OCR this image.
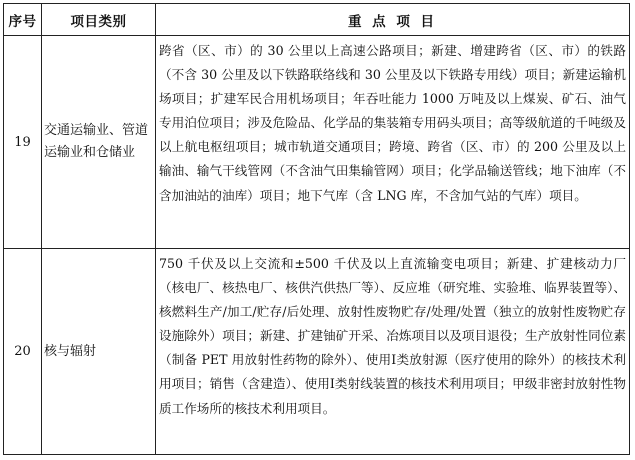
序号	项目类别	重 点 项 目
19	交通运输业、管道运输业和仓储业	跨省（区、市）的 30 公里以上高速公路项目；新建、增建跨省（区、市）的铁路（不含 30 公里及以下铁路联络线和 30 公里及以下铁路专用线）项目；新建运输机场项目；扩建军民合用机场项目；年吞吐能力 1000 万吨及以上煤炭、矿石、油气专用泊位项目；涉及危险品、化学品的集装箱专用码头项目；高等级航道的千吨级及以上航电枢纽项目；城市轨道交通项目；跨境、跨省（区、市）的 200 公里及以上输油、输气干线管网（不含油气田集输管网）项目；化学品输送管线；地下油库（不含加油站的油库）项目；地下气库（含 LNG 库，不含加气站的气库）项目。
20	核与辐射	750 千伏及以上交流和±500 千伏及以上直流输变电项目；新建、扩建核动力厂（核电厂、核热电厂、核供汽供热厂等）、反应堆（研究堆、实验堆、临界装置等）、核燃料生产/加工/贮存/后处理、放射性废物贮存/处理/处置（独立的放射性废物贮存设施除外）项目；新建、扩建铀矿开采、冶炼项目以及项目退役；生产放射性同位素（制备 PET 用放射性药物的除外）、使用Ⅰ类放射源（医疗使用的除外）的核技术利用项目；销售（含建造）、使用Ⅰ类射线装置的核技术利用项目；甲级非密封放射性物质工作场所的核技术利用项目。
